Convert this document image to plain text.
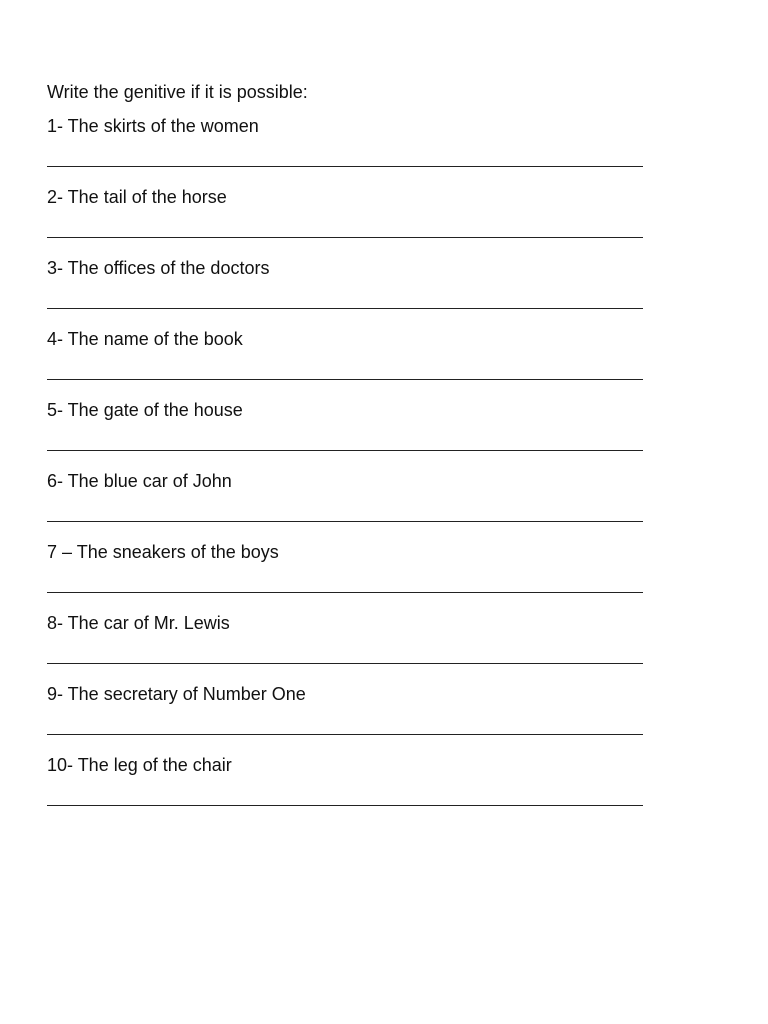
Write the genitive if it is possible:
1- The skirts of the women
2- The tail of the horse
3- The offices of the doctors
4- The name of the book
5- The gate of the house
6- The blue car of John
7 – The sneakers of the boys
8- The car of Mr. Lewis
9- The secretary of Number One
10- The leg of the chair
